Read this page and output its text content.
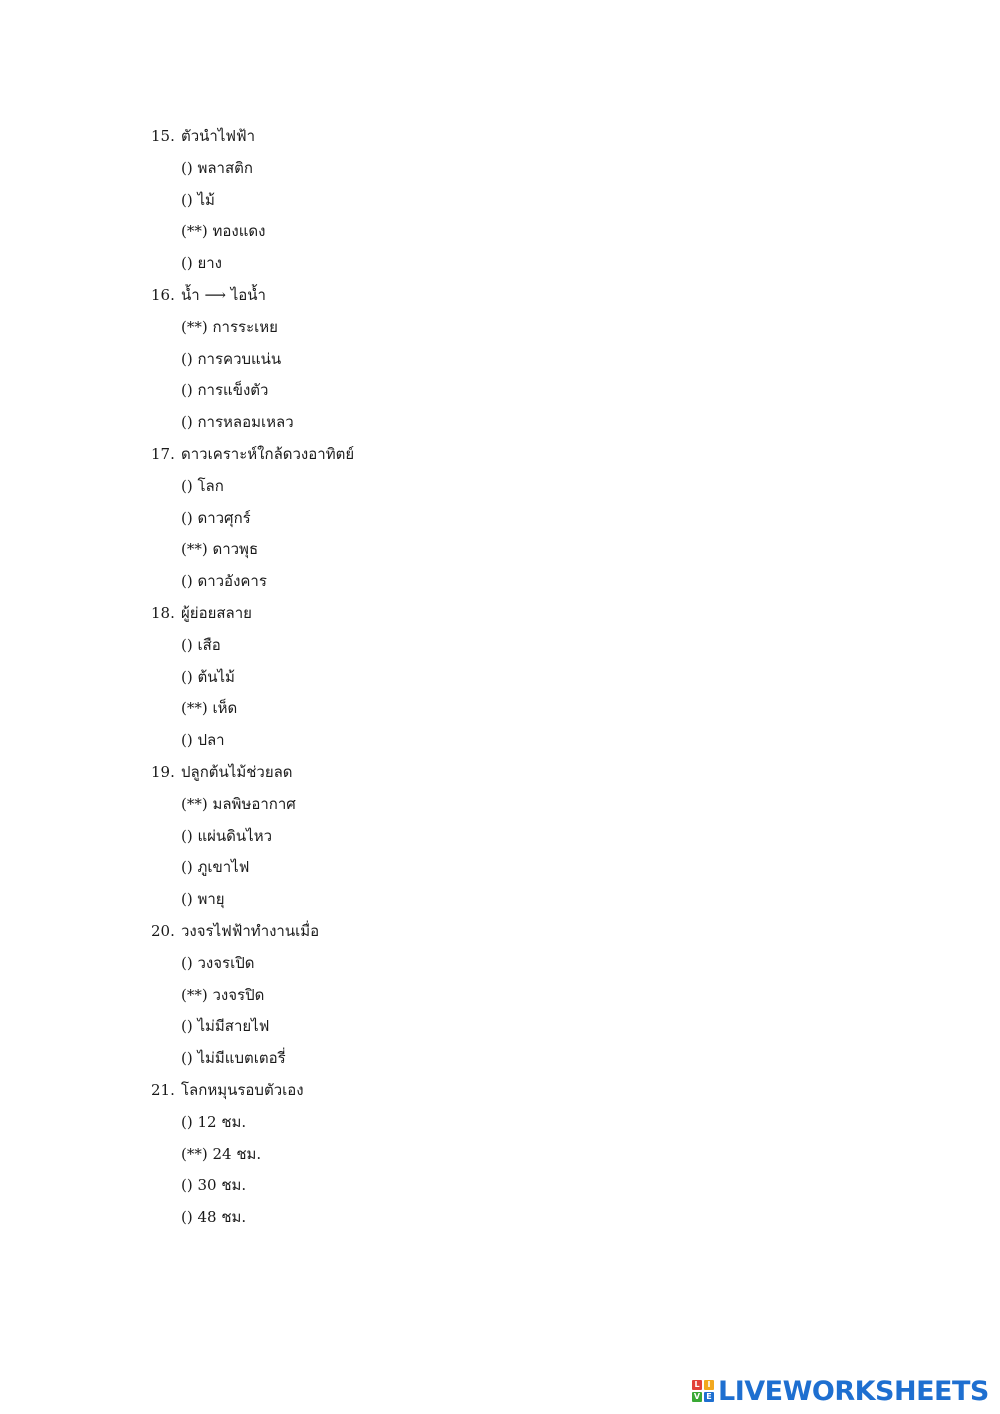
15. ตัวนำไฟฟ้า
() พลาสติก
() ไม้
(**) ทองแดง
() ยาง
16. น้ำ ⟶ ไอน้ำ
(**) การระเหย
() การควบแน่น
() การแข็งตัว
() การหลอมเหลว
17. ดาวเคราะห์ใกล้ดวงอาทิตย์
() โลก
() ดาวศุกร์
(**) ดาวพุธ
() ดาวอังคาร
18. ผู้ย่อยสลาย
() เสือ
() ต้นไม้
(**) เห็ด
() ปลา
19. ปลูกต้นไม้ช่วยลด
(**) มลพิษอากาศ
() แผ่นดินไหว
() ภูเขาไฟ
() พายุ
20. วงจรไฟฟ้าทำงานเมื่อ
() วงจรเปิด
(**) วงจรปิด
() ไม่มีสายไฟ
() ไม่มีแบตเตอรี่
21. โลกหมุนรอบตัวเอง
() 12 ชม.
(**) 24 ชม.
() 30 ชม.
() 48 ชม.
L I
V E LIVEWORKSHEETS
